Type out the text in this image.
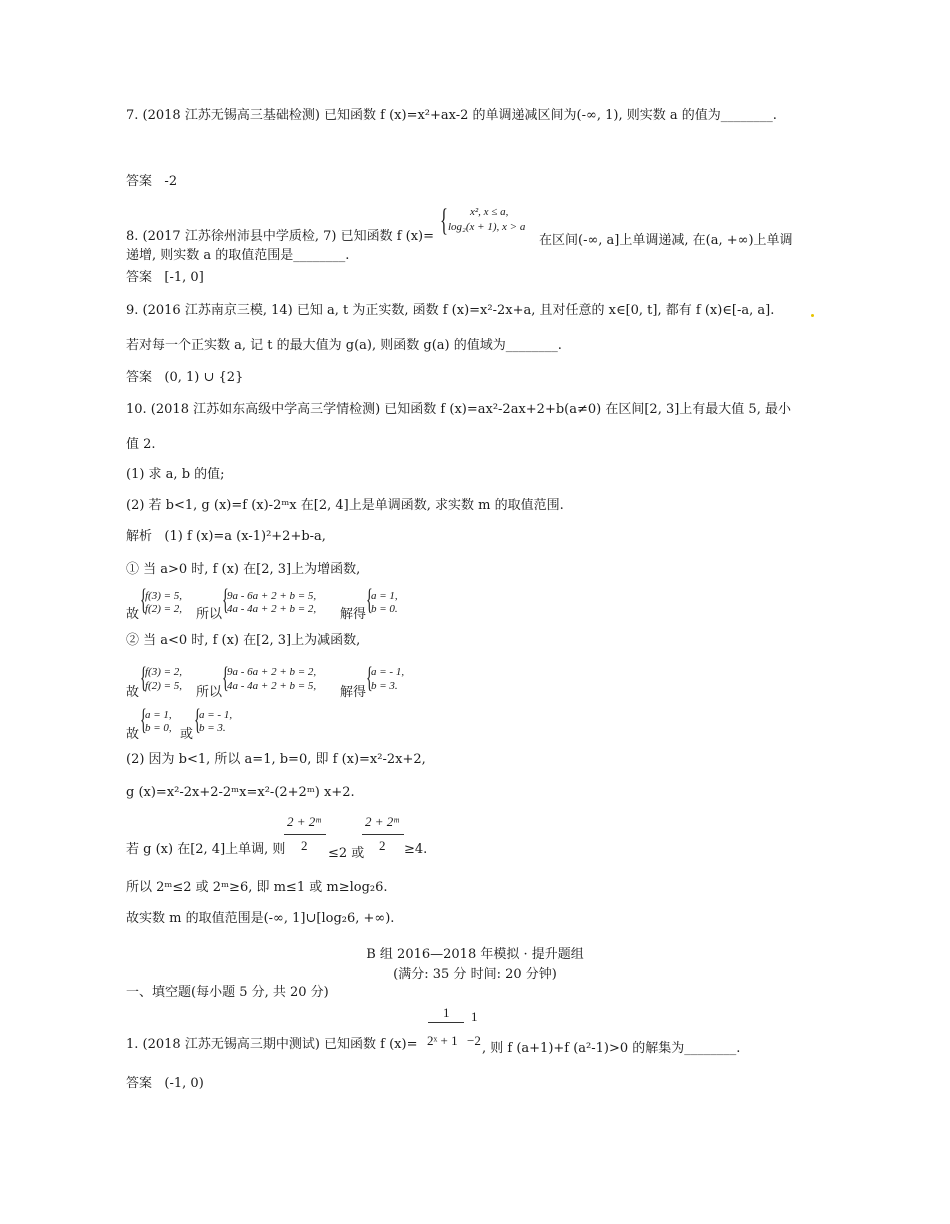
7. (2018 江苏无锡高三基础检测) 已知函数 f (x)=x²+ax-2 的单调递减区间为(-∞, 1), 则实数 a 的值为________.
答案 -2
8. (2017 江苏徐州沛县中学质检, 7) 已知函数 f (x)= { x², x ≤ a,
log₂(x + 1), x > a
在区间(-∞, a]上单调递减, 在(a, +∞)上单调
递增, 则实数 a 的取值范围是________.
答案 [-1, 0]
9. (2016 江苏南京三模, 14) 已知 a, t 为正实数, 函数 f (x)=x²-2x+a, 且对任意的 x∈[0, t], 都有 f (x)∈[-a, a].
若对每一个正实数 a, 记 t 的最大值为 g(a), 则函数 g(a) 的值域为________.
答案 (0, 1) ∪ {2}
10. (2018 江苏如东高级中学高三学情检测) 已知函数 f (x)=ax²-2ax+2+b(a≠0) 在区间[2, 3]上有最大值 5, 最小
值 2.
(1) 求 a, b 的值;
(2) 若 b<1, g (x)=f (x)-2ᵐx 在[2, 4]上是单调函数, 求实数 m 的取值范围.
解析 (1) f (x)=a (x-1)²+2+b-a,
① 当 a>0 时, f (x) 在[2, 3]上为增函数,
故 {
f(3) = 5,
f(2) = 2, 所以 {
9a - 6a + 2 + b = 5,
4a - 4a + 2 + b = 2, 解得 {
a = 1,
b = 0.
② 当 a<0 时, f (x) 在[2, 3]上为减函数,
故 {
f(3) = 2,
f(2) = 5, 所以 {
9a - 6a + 2 + b = 2,
4a - 4a + 2 + b = 5, 解得 {
a = - 1,
b = 3.
故 {
a = 1,
b = 0, 或 {
a = - 1,
b = 3.
(2) 因为 b<1, 所以 a=1, b=0, 即 f (x)=x²-2x+2,
g (x)=x²-2x+2-2ᵐx=x²-(2+2ᵐ) x+2.
2 + 2ᵐ
2
2 + 2ᵐ
2
若 g (x) 在[2, 4]上单调, 则	≤2 或	≥4.
所以 2ᵐ≤2 或 2ᵐ≥6, 即 m≤1 或 m≥log₂6.
故实数 m 的取值范围是(-∞, 1]∪[log₂6, +∞).
B 组 2016—2018 年模拟 · 提升题组
(满分: 35 分 时间: 20 分钟)
一、填空题(每小题 5 分, 共 20 分)
1 1
1. (2018 江苏无锡高三期中测试) 已知函数 f (x)= 2ˣ + 1 −2
, 则 f (a+1)+f (a²-1)>0 的解集为________.
答案 (-1, 0)
